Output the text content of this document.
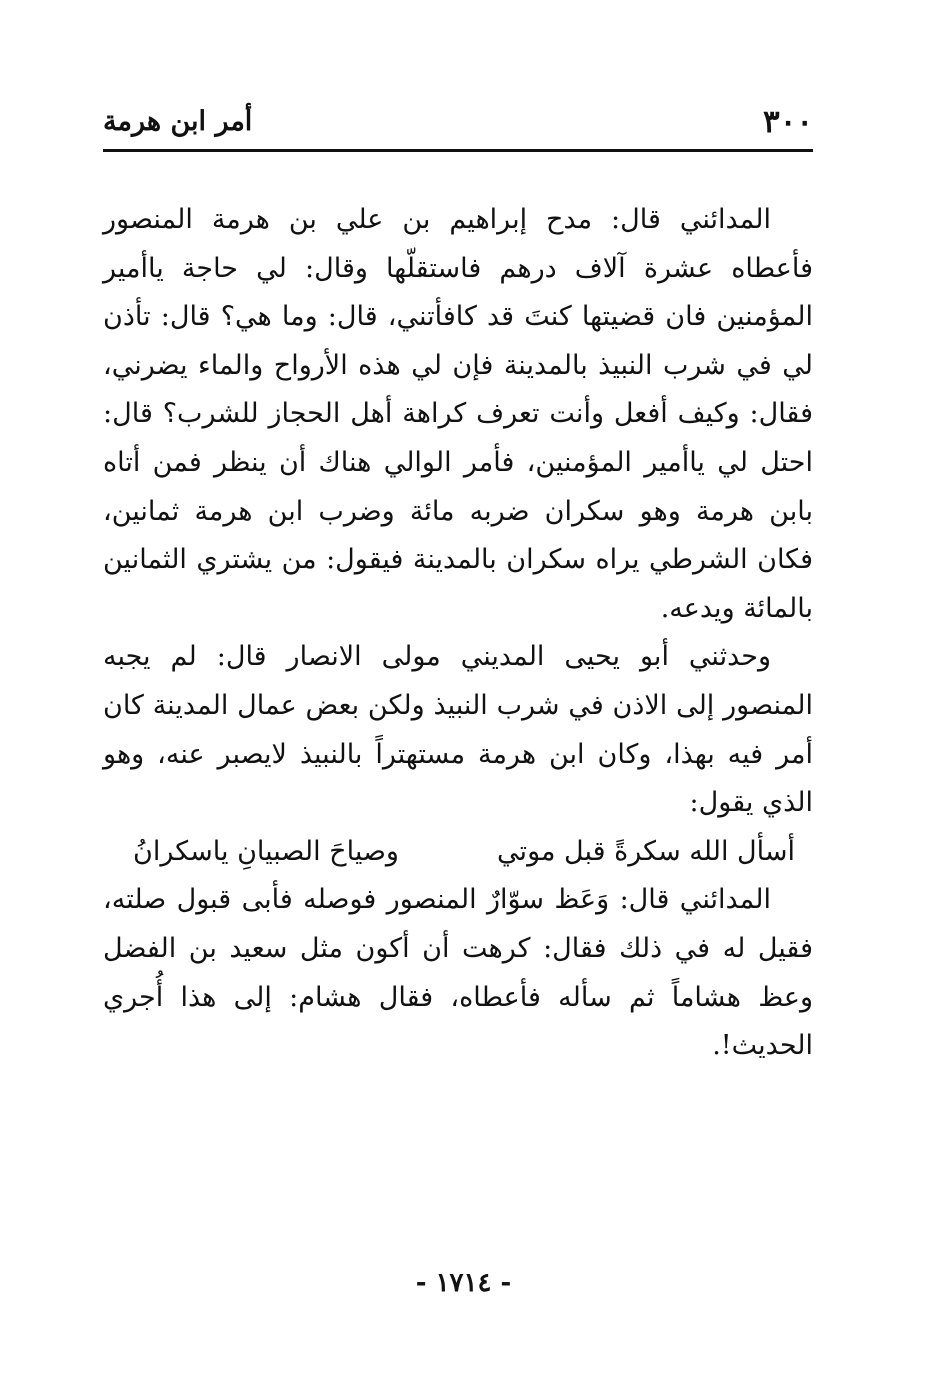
٣٠٠
أمر ابن هرمة

المدائني قال: مدح إبراهيم بن علي بن هرمة المنصور فأعطاه عشرة آلاف درهم فاستقلّها وقال: لي حاجة ياأمير المؤمنين فان قضيتها كنتَ قد كافأتني، قال: وما هي؟ قال: تأذن لي في شرب النبيذ بالمدينة فإن لي هذه الأرواح والماء يضرني، فقال: وكيف أفعل وأنت تعرف كراهة أهل الحجاز للشرب؟ قال: احتل لي ياأمير المؤمنين، فأمر الوالي هناك أن ينظر فمن أتاه بابن هرمة وهو سكران ضربه مائة وضرب ابن هرمة ثمانين، فكان الشرطي يراه سكران بالمدينة فيقول: من يشتري الثمانين بالمائة ويدعه.

وحدثني أبو يحيى المديني مولى الانصار قال: لم يجبه المنصور إلى الاذن في شرب النبيذ ولكن بعض عمال المدينة كان أمر فيه بهذا، وكان ابن هرمة مستهتراً بالنبيذ لايصبر عنه، وهو الذي يقول:

أسأل الله سكرةً قبل موتي
وصياحَ الصبيانِ ياسكرانُ

المدائني قال: وَعَظ سوّارٌ المنصور فوصله فأبى قبول صلته، فقيل له في ذلك فقال: كرهت أن أكون مثل سعيد بن الفضل وعظ هشاماً ثم سأله فأعطاه، فقال هشام: إلى هذا أُجري الحديث!.

- ١٧١٤ -
